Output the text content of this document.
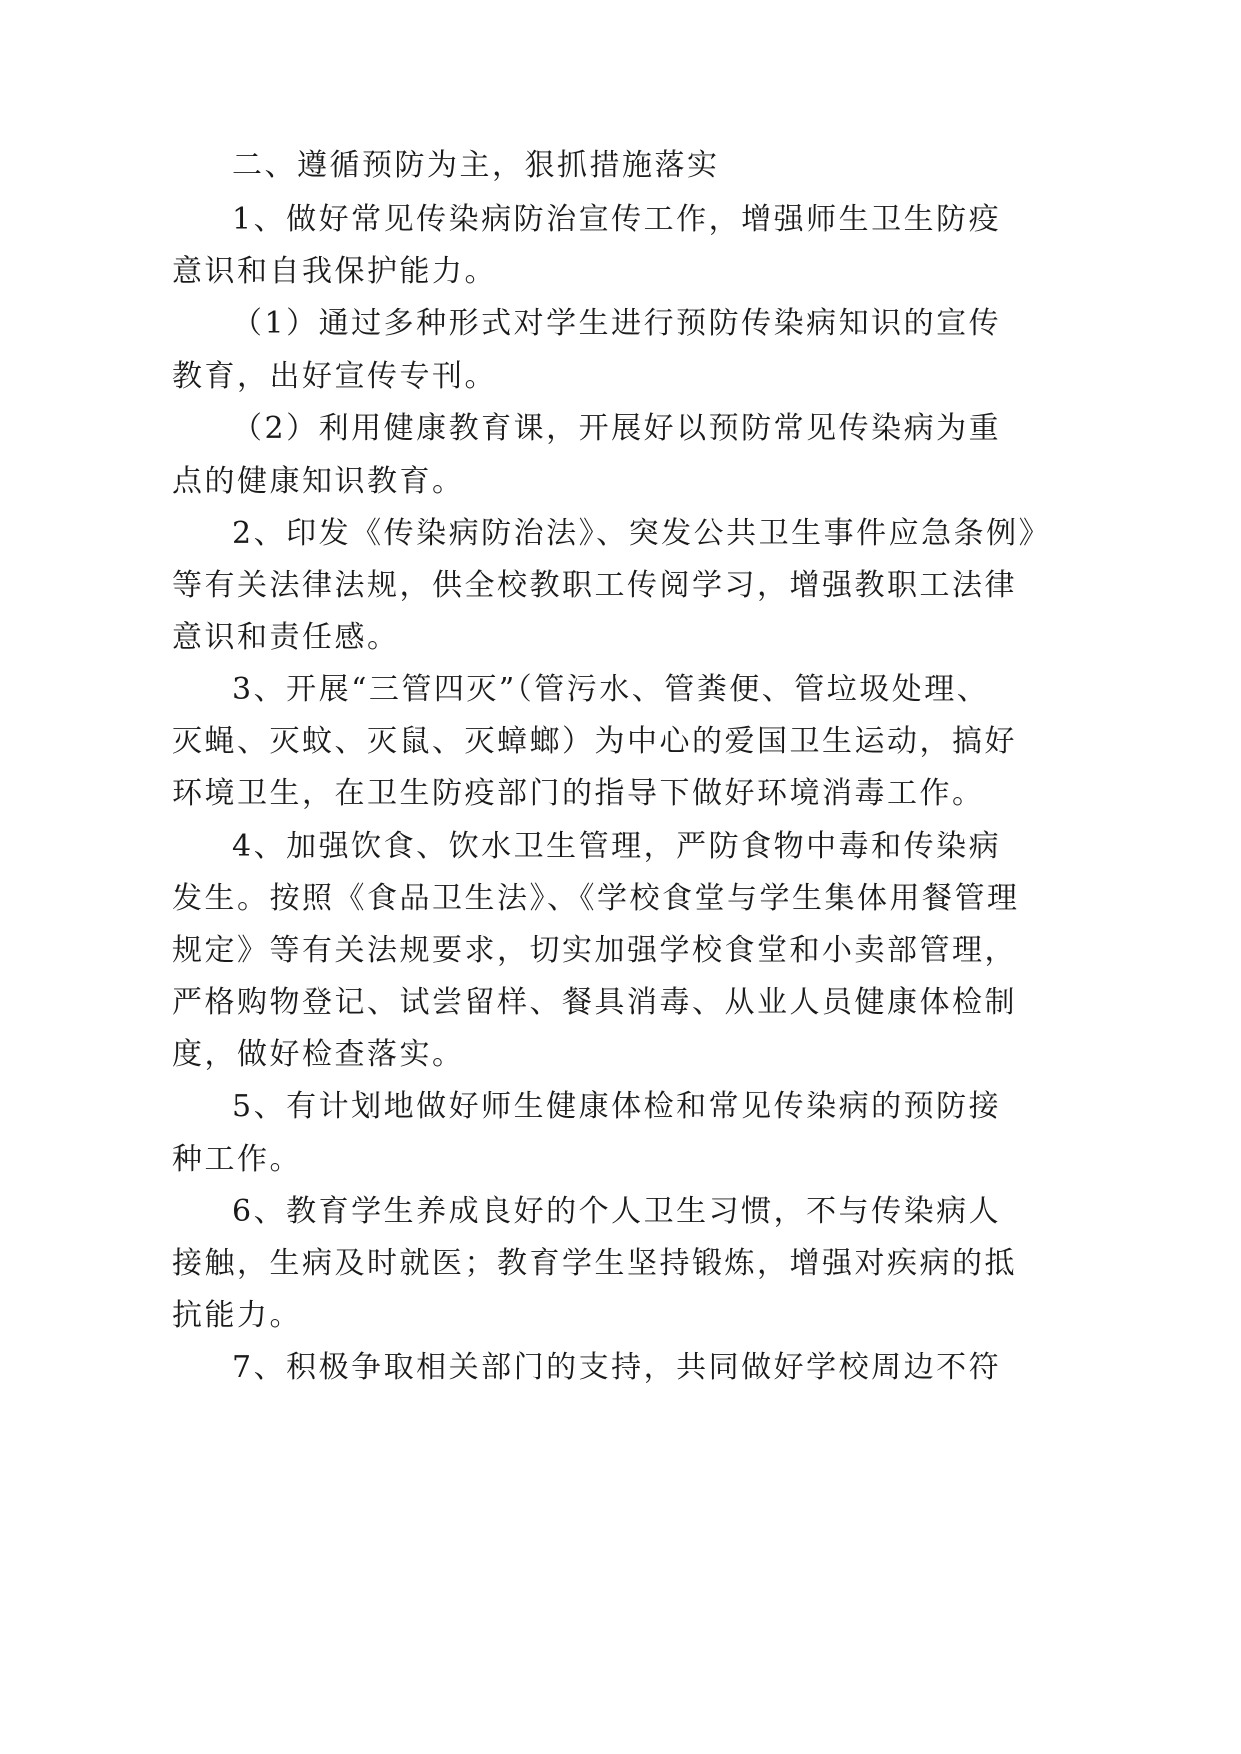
二、遵循预防为主，狠抓措施落实
1、做好常见传染病防治宣传工作，增强师生卫生防疫
意识和自我保护能力。
（1）通过多种形式对学生进行预防传染病知识的宣传
教育，出好宣传专刊。
（2）利用健康教育课，开展好以预防常见传染病为重
点的健康知识教育。
2、印发《传染病防治法》、突发公共卫生事件应急条例》
等有关法律法规，供全校教职工传阅学习，增强教职工法律
意识和责任感。
3、开展“三管四灭”（管污水、管粪便、管垃圾处理、
灭蝇、灭蚊、灭鼠、灭蟑螂）为中心的爱国卫生运动，搞好
环境卫生，在卫生防疫部门的指导下做好环境消毒工作。
4、加强饮食、饮水卫生管理，严防食物中毒和传染病
发生。按照《食品卫生法》、《学校食堂与学生集体用餐管理
规定》等有关法规要求，切实加强学校食堂和小卖部管理，
严格购物登记、试尝留样、餐具消毒、从业人员健康体检制
度，做好检查落实。
5、有计划地做好师生健康体检和常见传染病的预防接
种工作。
6、教育学生养成良好的个人卫生习惯，不与传染病人
接触，生病及时就医；教育学生坚持锻炼，增强对疾病的抵
抗能力。
7、积极争取相关部门的支持，共同做好学校周边不符
